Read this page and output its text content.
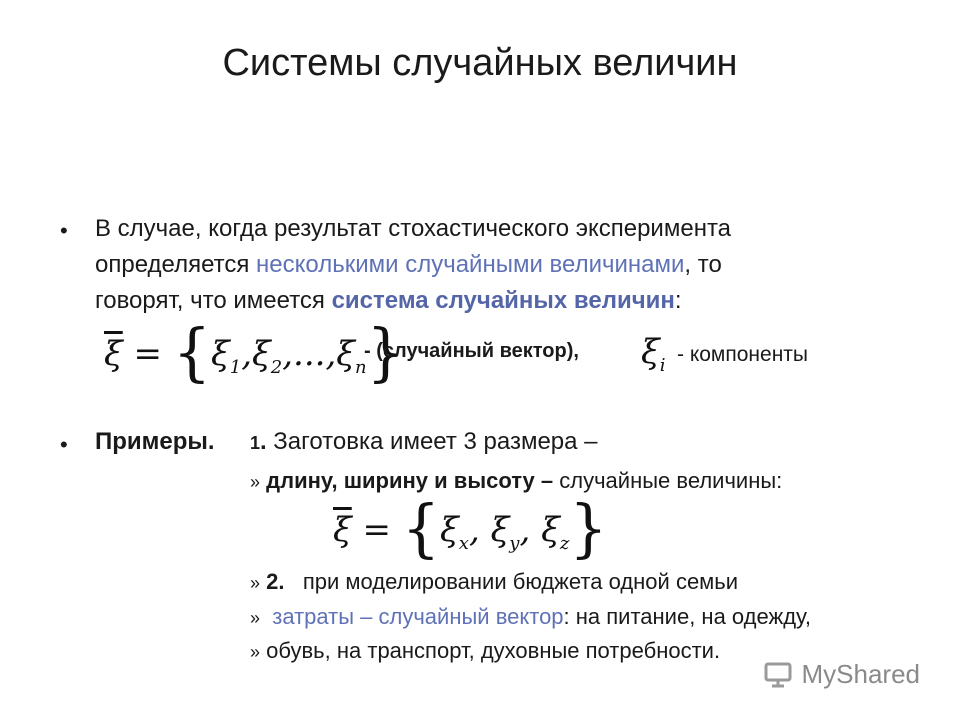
Системы случайных величин
• В случае, когда результат стохастического эксперимента
определяется несколькими случайными величинами, то
говорят, что имеется система случайных величин:
$\overline{\xi} = \{\xi_1,\xi_2,...,\xi_n\}$
- (случайный вектор), $\xi_i$ - компоненты
• Примеры. 1. Заготовка имеет 3 размера –
» длину, ширину и высоту – случайные величины:
$\overline{\xi} = \{\xi_x$, $\xi_y$, $\xi_z$}
» 2.   при моделировании бюджета одной семьи
»  затраты – случайный вектор: на питание, на одежду,
» обувь, на транспорт, духовные потребности.
MyShared
